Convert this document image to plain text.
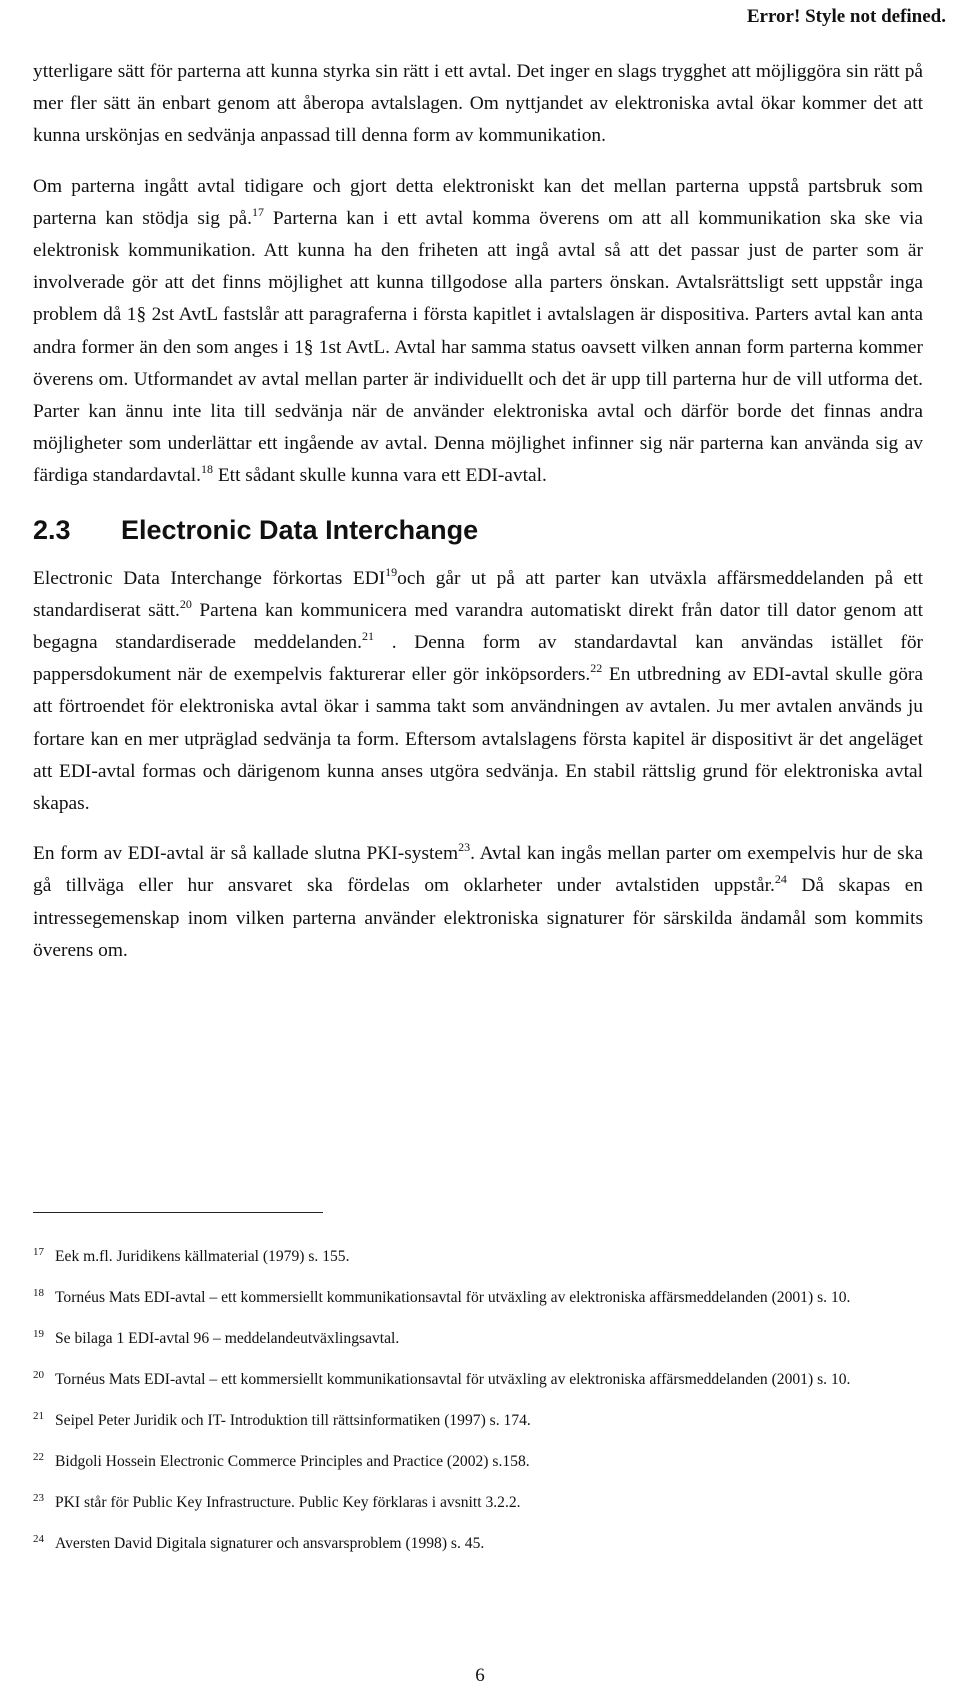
Error! Style not defined.

ytterligare sätt för parterna att kunna styrka sin rätt i ett avtal. Det inger en slags trygghet att möjliggöra sin rätt på mer fler sätt än enbart genom att åberopa avtalslagen. Om nyttjandet av elektroniska avtal ökar kommer det att kunna urskönjas en sedvänja anpassad till denna form av kommunikation.

Om parterna ingått avtal tidigare och gjort detta elektroniskt kan det mellan parterna uppstå partsbruk som parterna kan stödja sig på.$^{17}$ Parterna kan i ett avtal komma överens om att all kommunikation ska ske via elektronisk kommunikation. Att kunna ha den friheten att ingå avtal så att det passar just de parter som är involverade gör att det finns möjlighet att kunna tillgodose alla parters önskan. Avtalsrättsligt sett uppstår inga problem då 1§ 2st AvtL fastslår att paragraferna i första kapitlet i avtalslagen är dispositiva. Parters avtal kan anta andra former än den som anges i 1§ 1st AvtL. Avtal har samma status oavsett vilken annan form parterna kommer överens om. Utformandet av avtal mellan parter är individuellt och det är upp till parterna hur de vill utforma det. Parter kan ännu inte lita till sedvänja när de använder elektroniska avtal och därför borde det finnas andra möjligheter som underlättar ett ingående av avtal. Denna möjlighet infinner sig när parterna kan använda sig av färdiga standardavtal.$^{18}$ Ett sådant skulle kunna vara ett EDI-avtal.

2.3 Electronic Data Interchange

Electronic Data Interchange förkortas EDI$^{19}$och går ut på att parter kan utväxla affärsmeddelanden på ett standardiserat sätt.$^{20}$ Partena kan kommunicera med varandra automatiskt direkt från dator till dator genom att begagna standardiserade meddelanden.$^{21}$ . Denna form av standardavtal kan användas istället för pappersdokument när de exempelvis fakturerar eller gör inköpsorders.$^{22}$ En utbredning av EDI-avtal skulle göra att förtroendet för elektroniska avtal ökar i samma takt som användningen av avtalen. Ju mer avtalen används ju fortare kan en mer utpräglad sedvänja ta form. Eftersom avtalslagens första kapitel är dispositivt är det angeläget att EDI-avtal formas och därigenom kunna anses utgöra sedvänja. En stabil rättslig grund för elektroniska avtal skapas.

En form av EDI-avtal är så kallade slutna PKI-system$^{23}$. Avtal kan ingås mellan parter om exempelvis hur de ska gå tillväga eller hur ansvaret ska fördelas om oklarheter under avtalstiden uppstår.$^{24}$ Då skapas en intressegemenskap inom vilken parterna använder elektroniska signaturer för särskilda ändamål som kommits överens om.

17 Eek m.fl. Juridikens källmaterial (1979) s. 155.
18 Tornéus Mats EDI-avtal – ett kommersiellt kommunikationsavtal för utväxling av elektroniska affärsmeddelanden (2001) s. 10.
19 Se bilaga 1 EDI-avtal 96 – meddelandeutväxlingsavtal.
20 Tornéus Mats EDI-avtal – ett kommersiellt kommunikationsavtal för utväxling av elektroniska affärsmeddelanden (2001) s. 10.
21 Seipel Peter Juridik och IT- Introduktion till rättsinformatiken (1997) s. 174.
22 Bidgoli Hossein Electronic Commerce Principles and Practice (2002) s.158.
23 PKI står för Public Key Infrastructure. Public Key förklaras i avsnitt 3.2.2.
24 Aversten David Digitala signaturer och ansvarsproblem (1998) s. 45.
6
